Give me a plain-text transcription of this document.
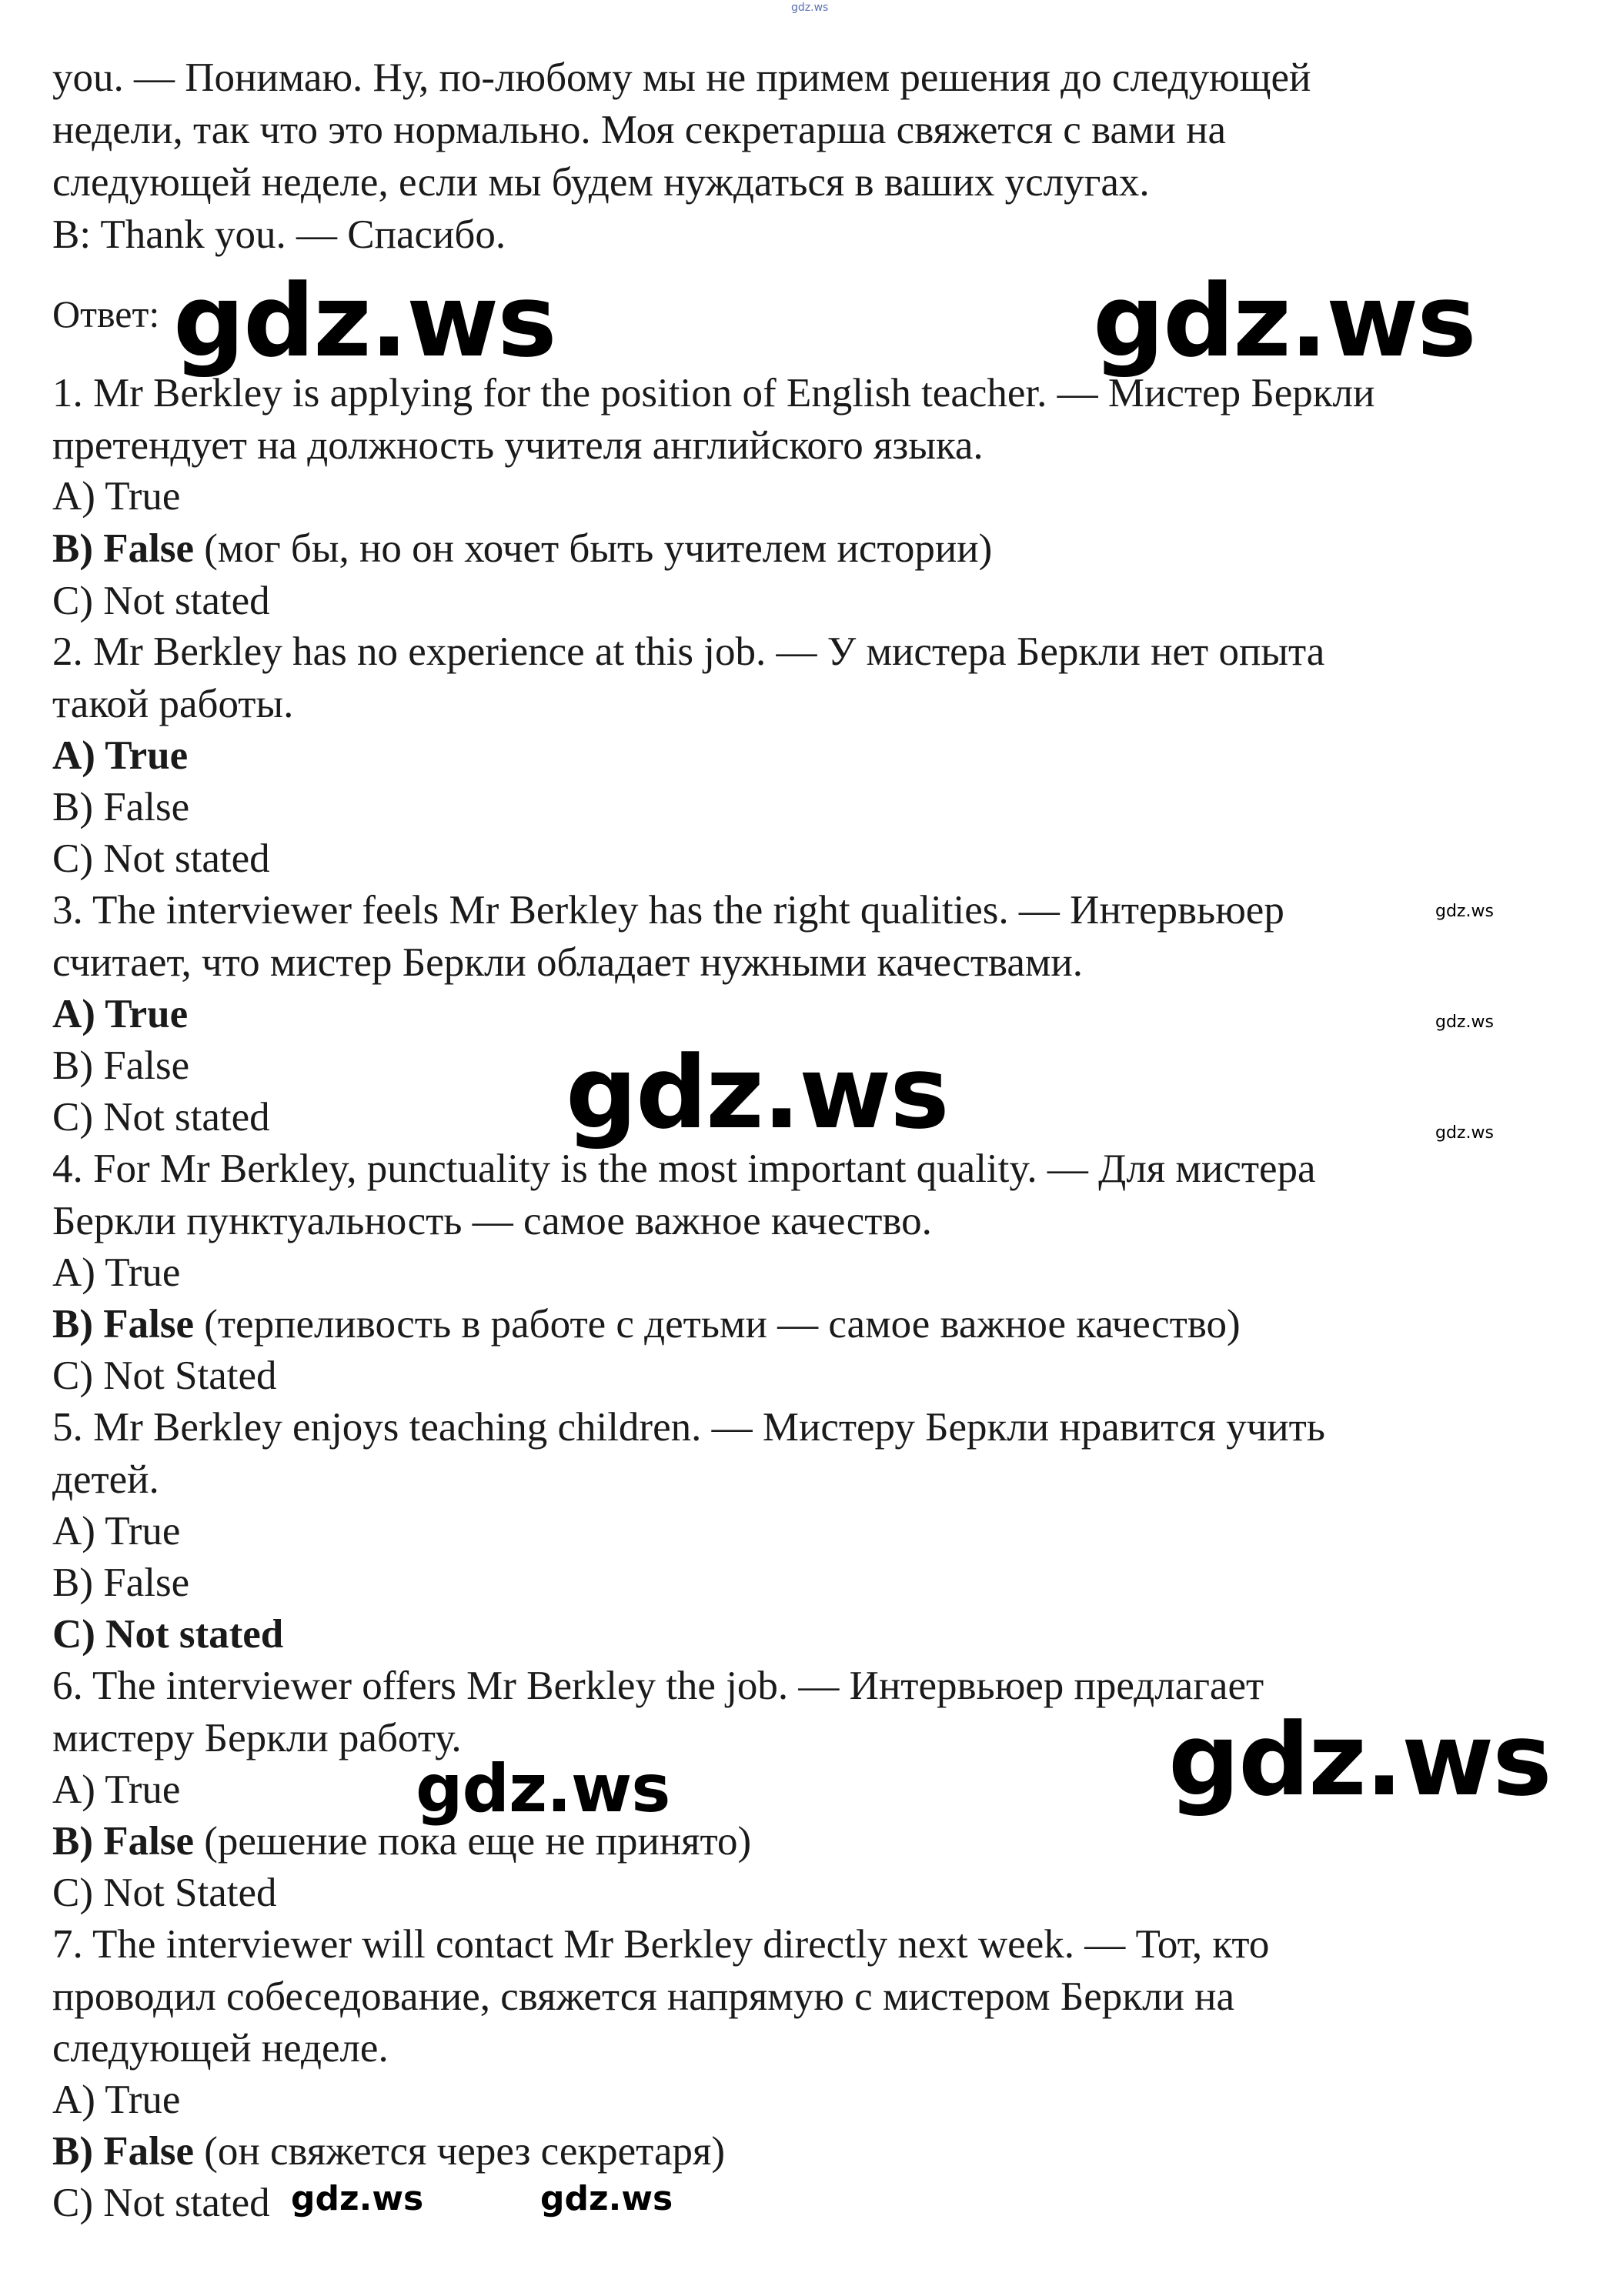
gdz.ws

you. — Понимаю. Ну, по-любому мы не примем решения до следующей

недели, так что это нормально. Моя секретарша свяжется с вами на

следующей неделе, если мы будем нуждаться в ваших услугах.

B: Thank you. — Спасибо.

Ответ:

1. Mr Berkley is applying for the position of English teacher. — Мистер Беркли

претендует на должность учителя английского языка.

A) True

B) False (мог бы, но он хочет быть учителем истории)

C) Not stated

2. Mr Berkley has no experience at this job. — У мистера Беркли нет опыта

такой работы.

A) True

B) False

C) Not stated

3. The interviewer feels Mr Berkley has the right qualities. — Интервьюер

считает, что мистер Беркли обладает нужными качествами.

A) True

B) False

C) Not stated

4. For Mr Berkley, punctuality is the most important quality. — Для мистера

Беркли пунктуальность — самое важное качество.

A) True

B) False (терпеливость в работе с детьми — самое важное качество)

C) Not Stated

5. Mr Berkley enjoys teaching children. — Мистеру Беркли нравится учить

детей.

A) True

B) False

C) Not stated

6. The interviewer offers Mr Berkley the job. — Интервьюер предлагает

мистеру Беркли работу.

A) True

B) False (решение пока еще не принято)

C) Not Stated

7. The interviewer will contact Mr Berkley directly next week. — Тот, кто

проводил собеседование, свяжется напрямую с мистером Беркли на

следующей неделе.

A) True

B) False (он свяжется через секретаря)

C) Not stated

gdz.ws	gdz.ws
gdz.ws
gdz.ws
gdz.ws
gdz.ws	gdz.ws
gdz.ws
gdz.ws
gdz.ws
